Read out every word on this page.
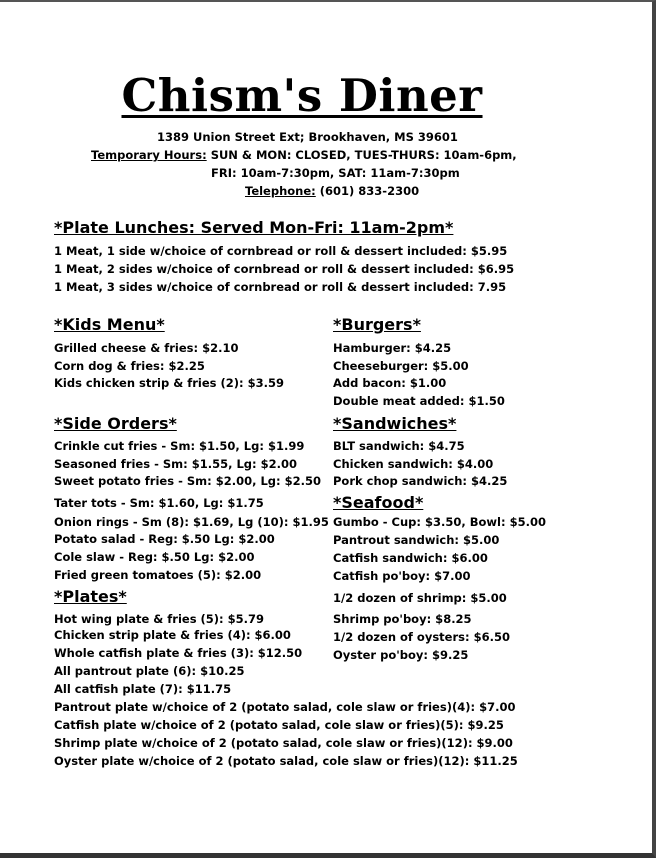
Chism's Diner
1389 Union Street Ext; Brookhaven, MS 39601
Temporary Hours: SUN & MON: CLOSED, TUES-THURS: 10am-6pm,
FRI: 10am-7:30pm, SAT: 11am-7:30pm
Telephone: (601) 833-2300
*Plate Lunches: Served Mon-Fri: 11am-2pm*
1 Meat, 1 side w/choice of cornbread or roll & dessert included: $5.95
1 Meat, 2 sides w/choice of cornbread or roll & dessert included: $6.95
1 Meat, 3 sides w/choice of cornbread or roll & dessert included: 7.95
*Kids Menu*
Grilled cheese & fries: $2.10
Corn dog & fries: $2.25
Kids chicken strip & fries (2): $3.59
*Burgers*
Hamburger: $4.25
Cheeseburger: $5.00
Add bacon: $1.00
Double meat added: $1.50
*Side Orders*
Crinkle cut fries - Sm: $1.50, Lg: $1.99
Seasoned fries - Sm: $1.55, Lg: $2.00
Sweet potato fries - Sm: $2.00, Lg: $2.50
Tater tots - Sm: $1.60, Lg: $1.75
Onion rings - Sm (8): $1.69, Lg (10): $1.95
Potato salad - Reg: $.50 Lg: $2.00
Cole slaw - Reg: $.50 Lg: $2.00
Fried green tomatoes (5): $2.00
*Sandwiches*
BLT sandwich: $4.75
Chicken sandwich: $4.00
Pork chop sandwich: $4.25
*Seafood*
Gumbo - Cup: $3.50, Bowl: $5.00
Pantrout sandwich: $5.00
Catfish sandwich: $6.00
Catfish po'boy: $7.00
1/2 dozen of shrimp: $5.00
Shrimp po'boy: $8.25
1/2 dozen of oysters: $6.50
Oyster po'boy: $9.25
*Plates*
Hot wing plate & fries (5): $5.79
Chicken strip plate & fries (4): $6.00
Whole catfish plate & fries (3): $12.50
All pantrout plate (6): $10.25
All catfish plate (7): $11.75
Pantrout plate w/choice of 2 (potato salad, cole slaw or fries)(4): $7.00
Catfish plate w/choice of 2 (potato salad, cole slaw or fries)(5): $9.25
Shrimp plate w/choice of 2 (potato salad, cole slaw or fries)(12): $9.00
Oyster plate w/choice of 2 (potato salad, cole slaw or fries)(12): $11.25
